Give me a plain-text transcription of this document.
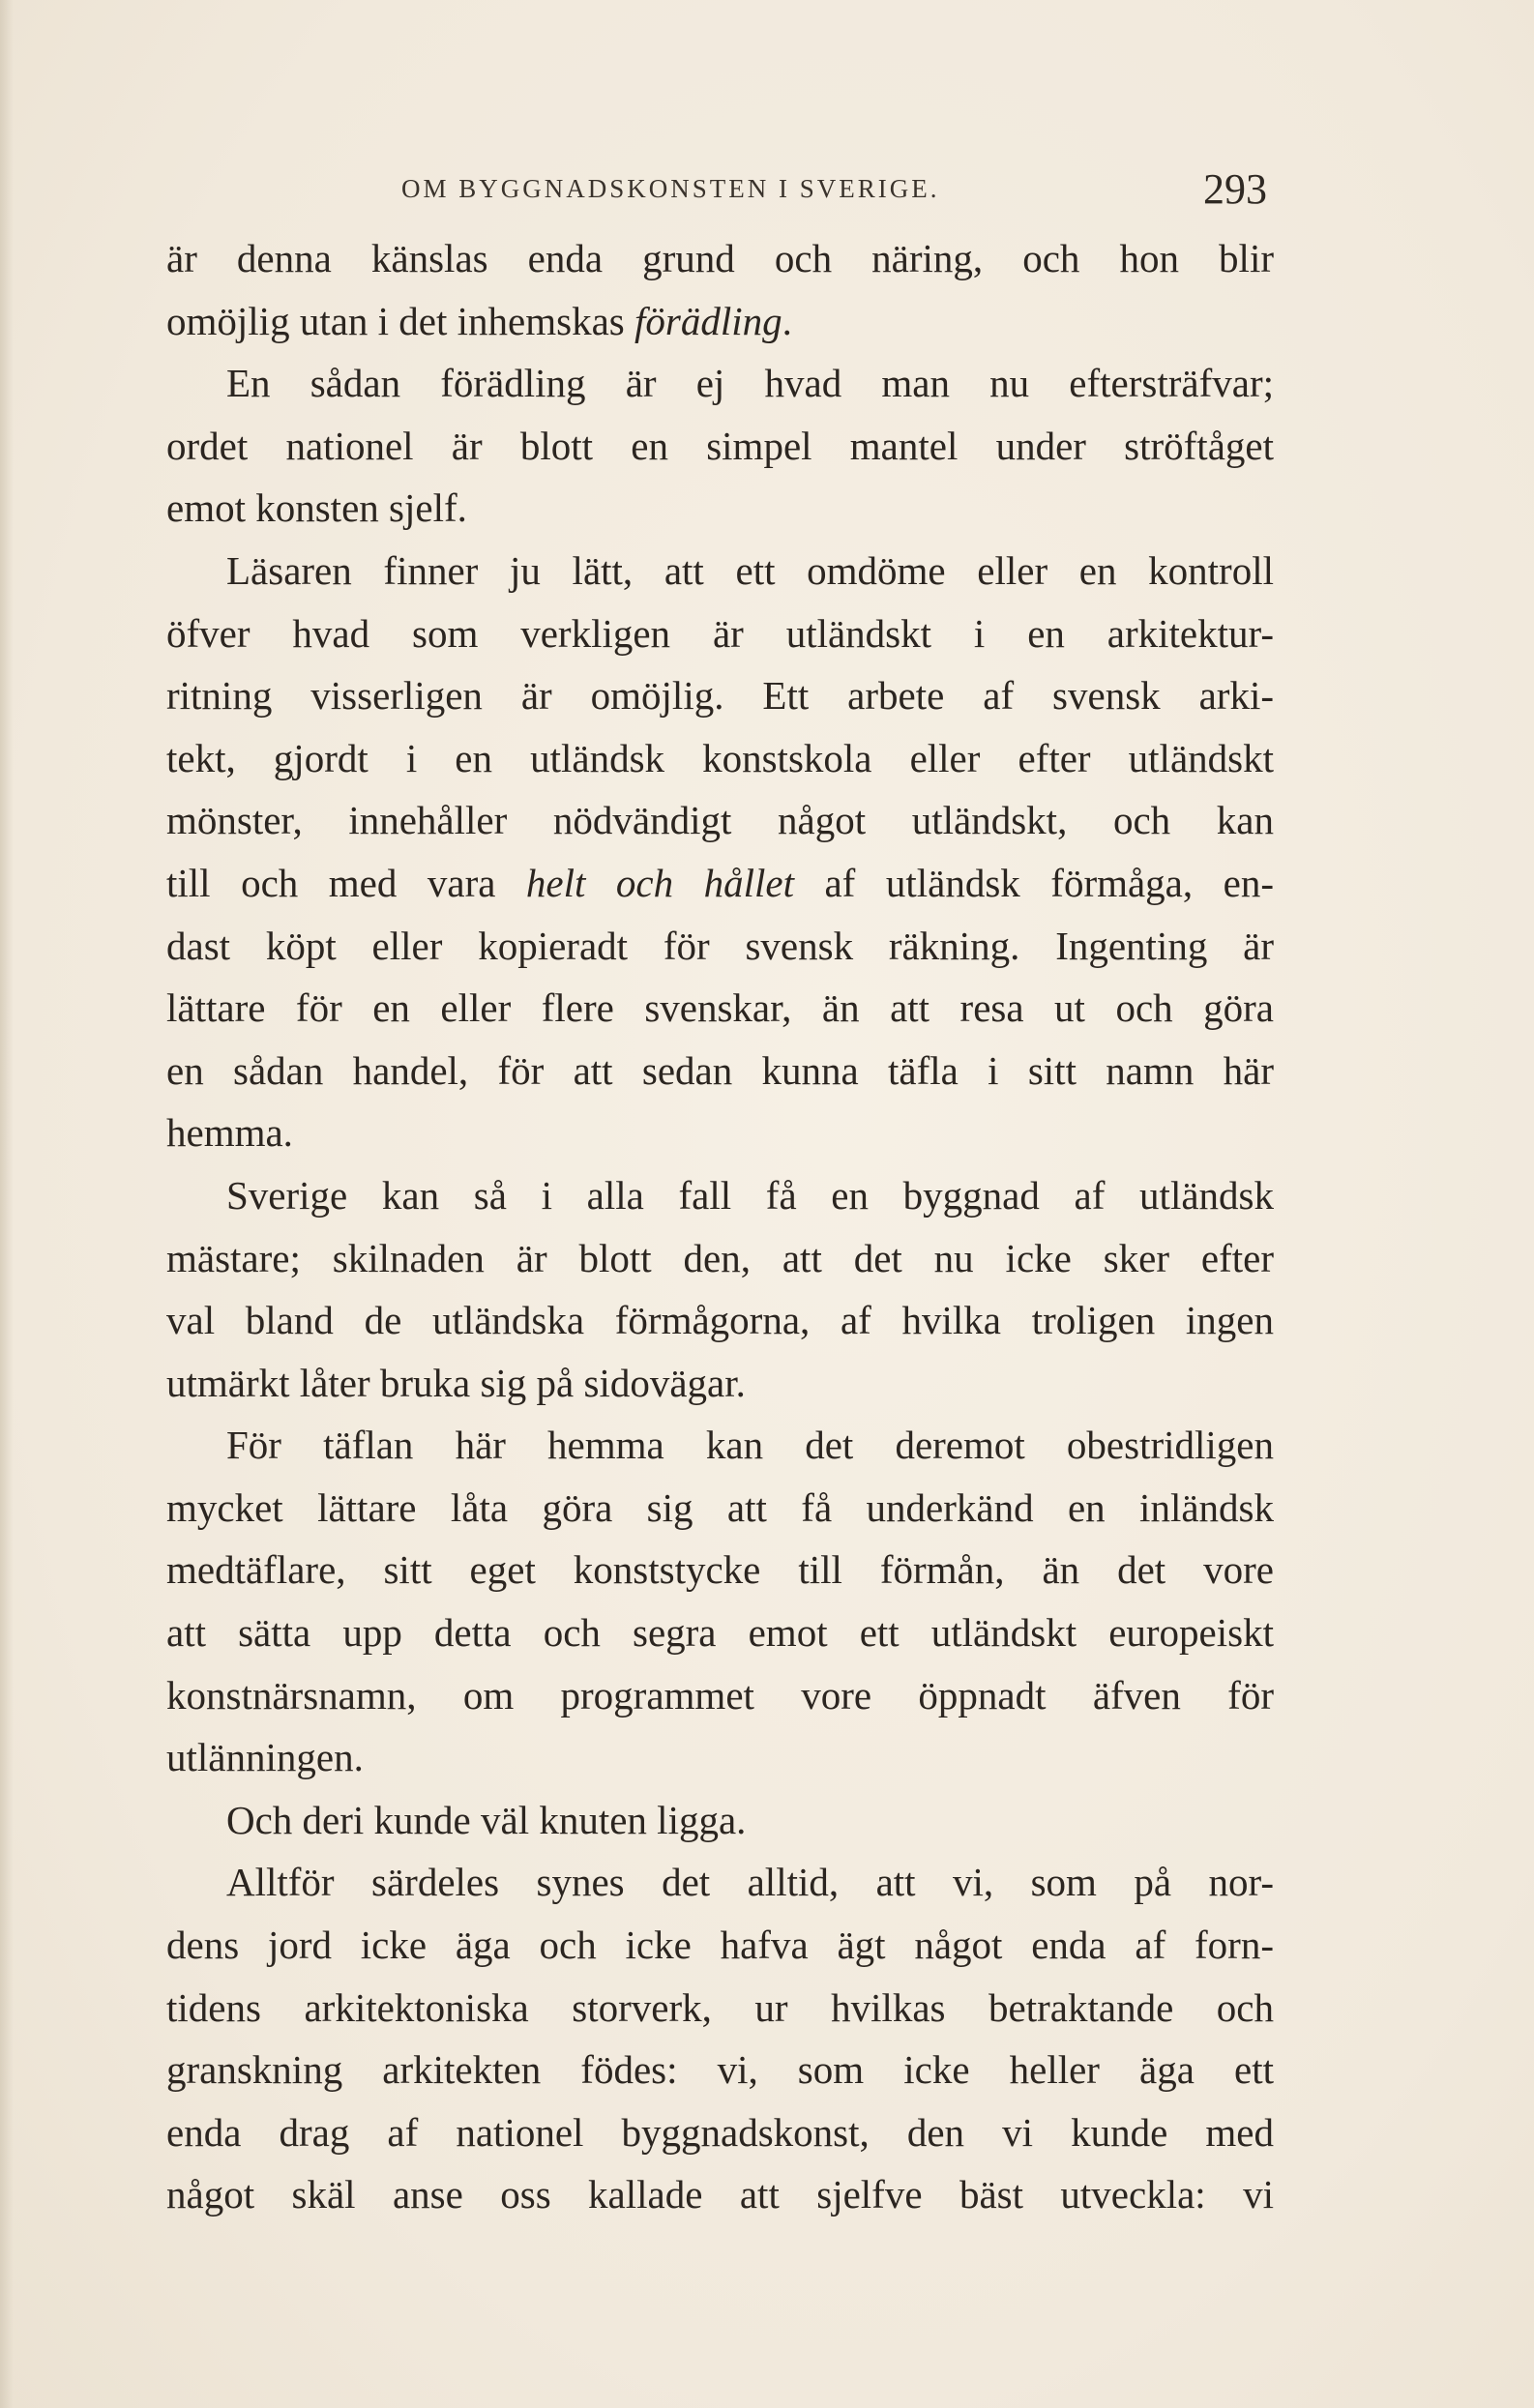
OM BYGGNADSKONSTEN I SVERIGE.	293
är denna känslas enda grund och näring, och hon blir
omöjlig utan i det inhemskas förädling.
En sådan förädling är ej hvad man nu eftersträfvar;
ordet nationel är blott en simpel mantel under ströftåget
emot konsten sjelf.
Läsaren finner ju lätt, att ett omdöme eller en kontroll
öfver hvad som verkligen är utländskt i en arkitektur-
ritning visserligen är omöjlig. Ett arbete af svensk arki-
tekt, gjordt i en utländsk konstskola eller efter utländskt
mönster, innehåller nödvändigt något utländskt, och kan
till och med vara helt och hållet af utländsk förmåga, en-
dast köpt eller kopieradt för svensk räkning. Ingenting är
lättare för en eller flere svenskar, än att resa ut och göra
en sådan handel, för att sedan kunna täfla i sitt namn här
hemma.
Sverige kan så i alla fall få en byggnad af utländsk
mästare; skilnaden är blott den, att det nu icke sker efter
val bland de utländska förmågorna, af hvilka troligen ingen
utmärkt låter bruka sig på sidovägar.
För täflan här hemma kan det deremot obestridligen
mycket lättare låta göra sig att få underkänd en inländsk
medtäflare, sitt eget konststycke till förmån, än det vore
att sätta upp detta och segra emot ett utländskt europeiskt
konstnärsnamn, om programmet vore öppnadt äfven för
utlänningen.
Och deri kunde väl knuten ligga.
Alltför särdeles synes det alltid, att vi, som på nor-
dens jord icke äga och icke hafva ägt något enda af forn-
tidens arkitektoniska storverk, ur hvilkas betraktande och
granskning arkitekten födes: vi, som icke heller äga ett
enda drag af nationel byggnadskonst, den vi kunde med
något skäl anse oss kallade att sjelfve bäst utveckla: vi
